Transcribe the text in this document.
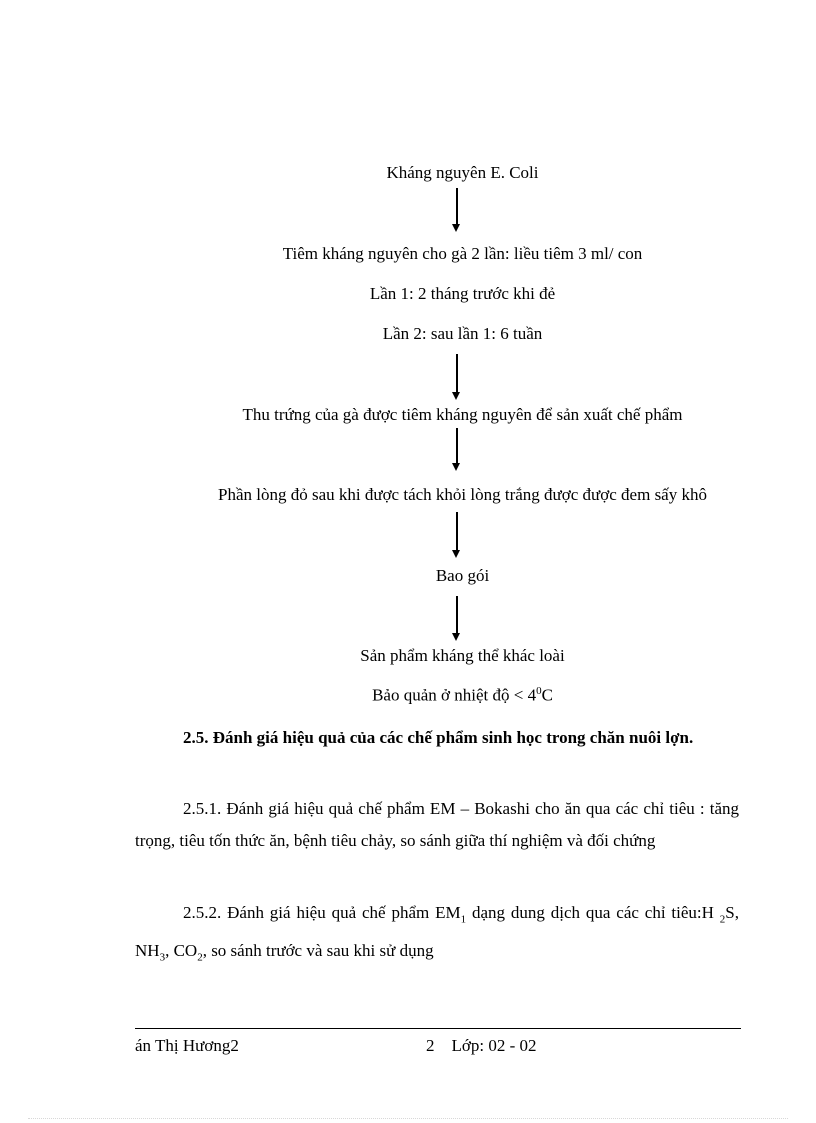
Kháng nguyên E. Coli
Tiêm kháng nguyên cho gà 2 lần: liều tiêm 3 ml/ con
Lần 1: 2 tháng trước khi đẻ
Lần 2: sau lần 1: 6 tuần
Thu trứng của gà được tiêm kháng nguyên để sản xuất chế phẩm
Phần lòng đỏ sau khi được tách khỏi lòng trắng được được đem sấy khô
Bao gói
Sản phẩm kháng thể khác loài
Bảo quản ở nhiệt độ < $4^0C$
2.5. Đánh giá hiệu quả của các chế phẩm sinh học trong chăn nuôi lợn.
2.5.1. Đánh giá hiệu quả chế phẩm EM – Bokashi cho ăn qua các chỉ tiêu : tăng trọng, tiêu tốn thức ăn, bệnh tiêu chảy, so sánh giữa thí nghiệm và đối chứng
2.5.2. Đánh giá hiệu quả chế phẩm $EM_1$ dạng dung dịch qua các chỉ tiêu:H $_2$S, $NH_3$, $CO_2$, so sánh trước và sau khi sử dụng
án Thị Hương2	2    Lớp: 02 - 02
